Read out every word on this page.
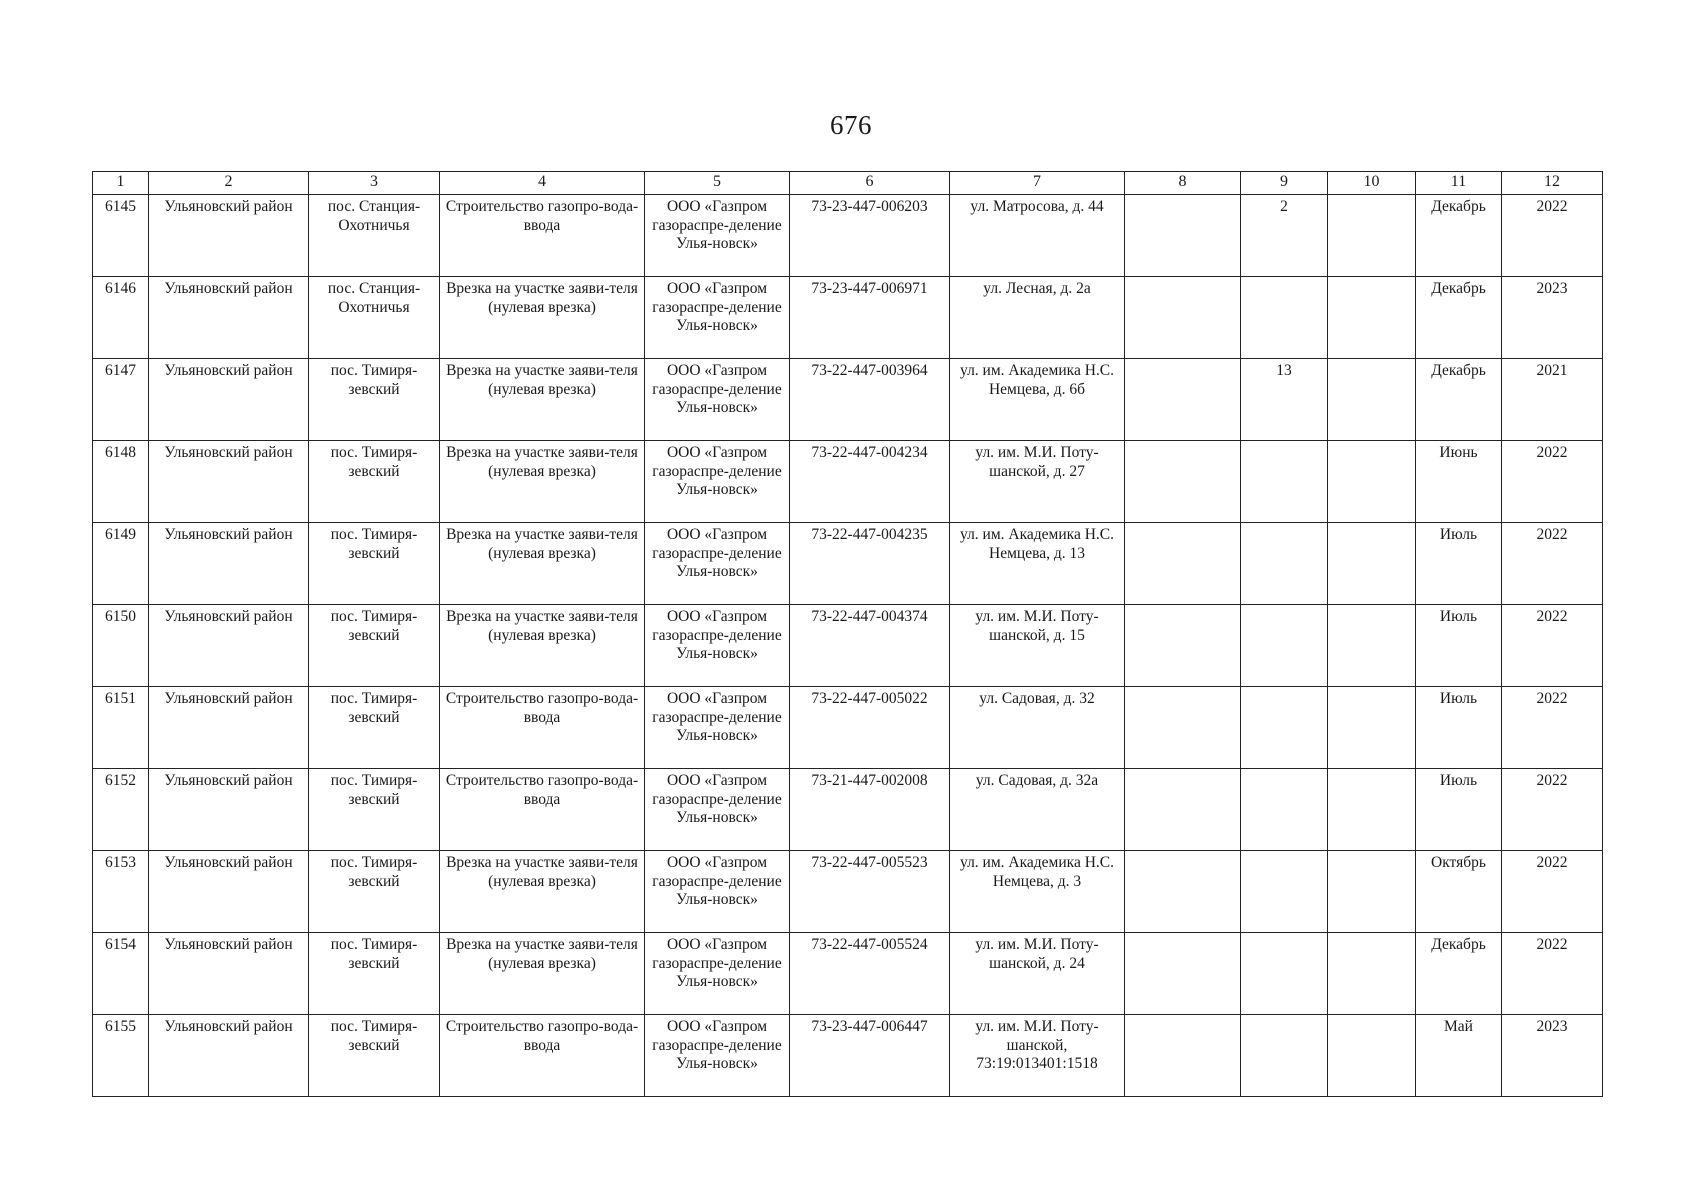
676
1	2	3	4	5	6	7	8	9	10	11	12
6145	Ульяновский район	пос. Станция-Охотничья	Строительство газопро-вода-ввода	ООО «Газпром газораспре-деление Улья-новск»	73-23-447-006203	ул. Матросова, д. 44		2		Декабрь	2022
6146	Ульяновский район	пос. Станция-Охотничья	Врезка на участке заяви-теля (нулевая врезка)	ООО «Газпром газораспре-деление Улья-новск»	73-23-447-006971	ул. Лесная, д. 2а				Декабрь	2023
6147	Ульяновский район	пос. Тимиря-зевский	Врезка на участке заяви-теля (нулевая врезка)	ООО «Газпром газораспре-деление Улья-новск»	73-22-447-003964	ул. им. Академика Н.С. Немцева, д. 6б		13		Декабрь	2021
6148	Ульяновский район	пос. Тимиря-зевский	Врезка на участке заяви-теля (нулевая врезка)	ООО «Газпром газораспре-деление Улья-новск»	73-22-447-004234	ул. им. М.И. Поту-шанской, д. 27				Июнь	2022
6149	Ульяновский район	пос. Тимиря-зевский	Врезка на участке заяви-теля (нулевая врезка)	ООО «Газпром газораспре-деление Улья-новск»	73-22-447-004235	ул. им. Академика Н.С. Немцева, д. 13				Июль	2022
6150	Ульяновский район	пос. Тимиря-зевский	Врезка на участке заяви-теля (нулевая врезка)	ООО «Газпром газораспре-деление Улья-новск»	73-22-447-004374	ул. им. М.И. Поту-шанской, д. 15				Июль	2022
6151	Ульяновский район	пос. Тимиря-зевский	Строительство газопро-вода-ввода	ООО «Газпром газораспре-деление Улья-новск»	73-22-447-005022	ул. Садовая, д. 32				Июль	2022
6152	Ульяновский район	пос. Тимиря-зевский	Строительство газопро-вода-ввода	ООО «Газпром газораспре-деление Улья-новск»	73-21-447-002008	ул. Садовая, д. 32а				Июль	2022
6153	Ульяновский район	пос. Тимиря-зевский	Врезка на участке заяви-теля (нулевая врезка)	ООО «Газпром газораспре-деление Улья-новск»	73-22-447-005523	ул. им. Академика Н.С. Немцева, д. 3				Октябрь	2022
6154	Ульяновский район	пос. Тимиря-зевский	Врезка на участке заяви-теля (нулевая врезка)	ООО «Газпром газораспре-деление Улья-новск»	73-22-447-005524	ул. им. М.И. Поту-шанской, д. 24				Декабрь	2022
6155	Ульяновский район	пос. Тимиря-зевский	Строительство газопро-вода-ввода	ООО «Газпром газораспре-деление Улья-новск»	73-23-447-006447	ул. им. М.И. Поту-шанской, 73:19:013401:1518				Май	2023
